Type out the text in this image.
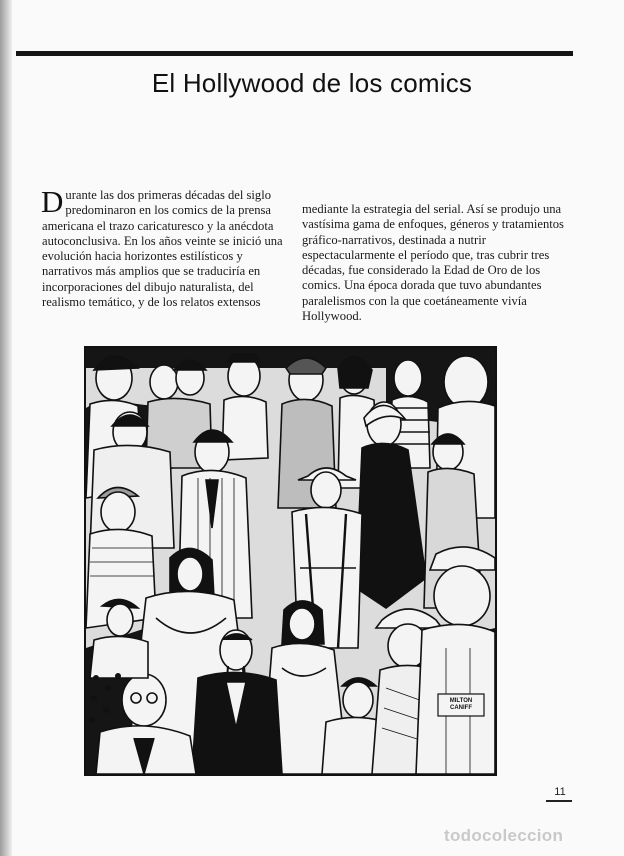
El Hollywood de los comics
Durante las dos primeras décadas del siglo predominaron en los comics de la prensa americana el trazo caricaturesco y la anécdota autoconclusiva. En los años veinte se inició una evolución hacia horizontes estilísticos y narrativos más amplios que se traduciría en incorporaciones del dibujo naturalista, del realismo temático, y de los relatos extensos
mediante la estrategia del serial. Así se produjo una vastísima gama de enfoques, géneros y tratamientos gráfico-narrativos, destinada a nutrir espectacularmente el período que, tras cubrir tres décadas, fue considerado la Edad de Oro de los comics. Una época dorada que tuvo abundantes paralelismos con la que coetáneamente vivía Hollywood.
MILTON CANIFF
11
todocoleccion
